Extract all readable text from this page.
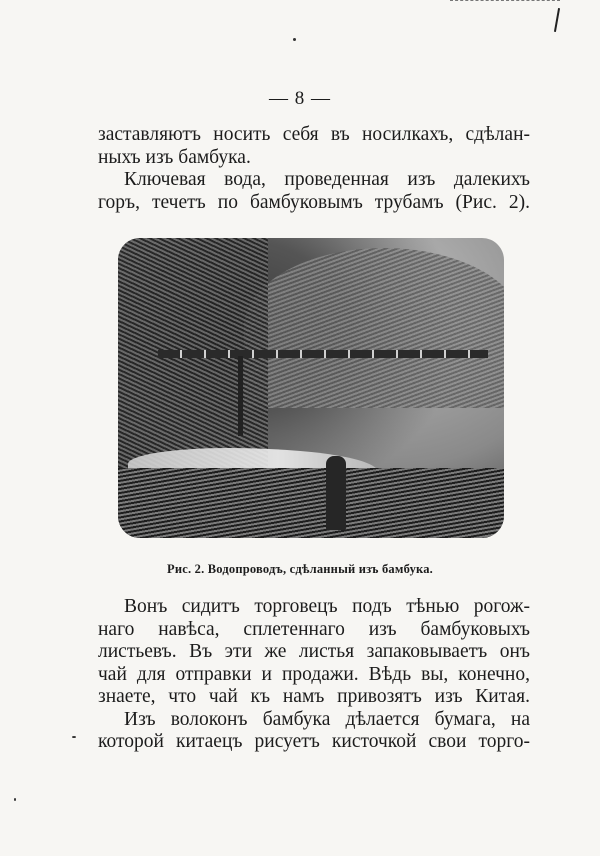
— 8 —
заставляютъ носить себя въ носилкахъ, сдѣлан-
ныхъ изъ бамбука.
Ключевая вода, проведенная изъ далекихъ
горъ, течетъ по бамбуковымъ трубамъ (Рис. 2).
Рис. 2. Водопроводъ, сдѣланный изъ бамбука.
Вонъ сидитъ торговецъ подъ тѣнью рогож-
наго навѣса, сплетеннаго изъ бамбуковыхъ
листьевъ. Въ эти же листья запаковываетъ онъ
чай для отправки и продажи. Вѣдь вы, конечно,
знаете, что чай къ намъ привозятъ изъ Китая.
Изъ волоконъ бамбука дѣлается бумага, на
которой китаецъ рисуетъ кисточкой свои торго-
